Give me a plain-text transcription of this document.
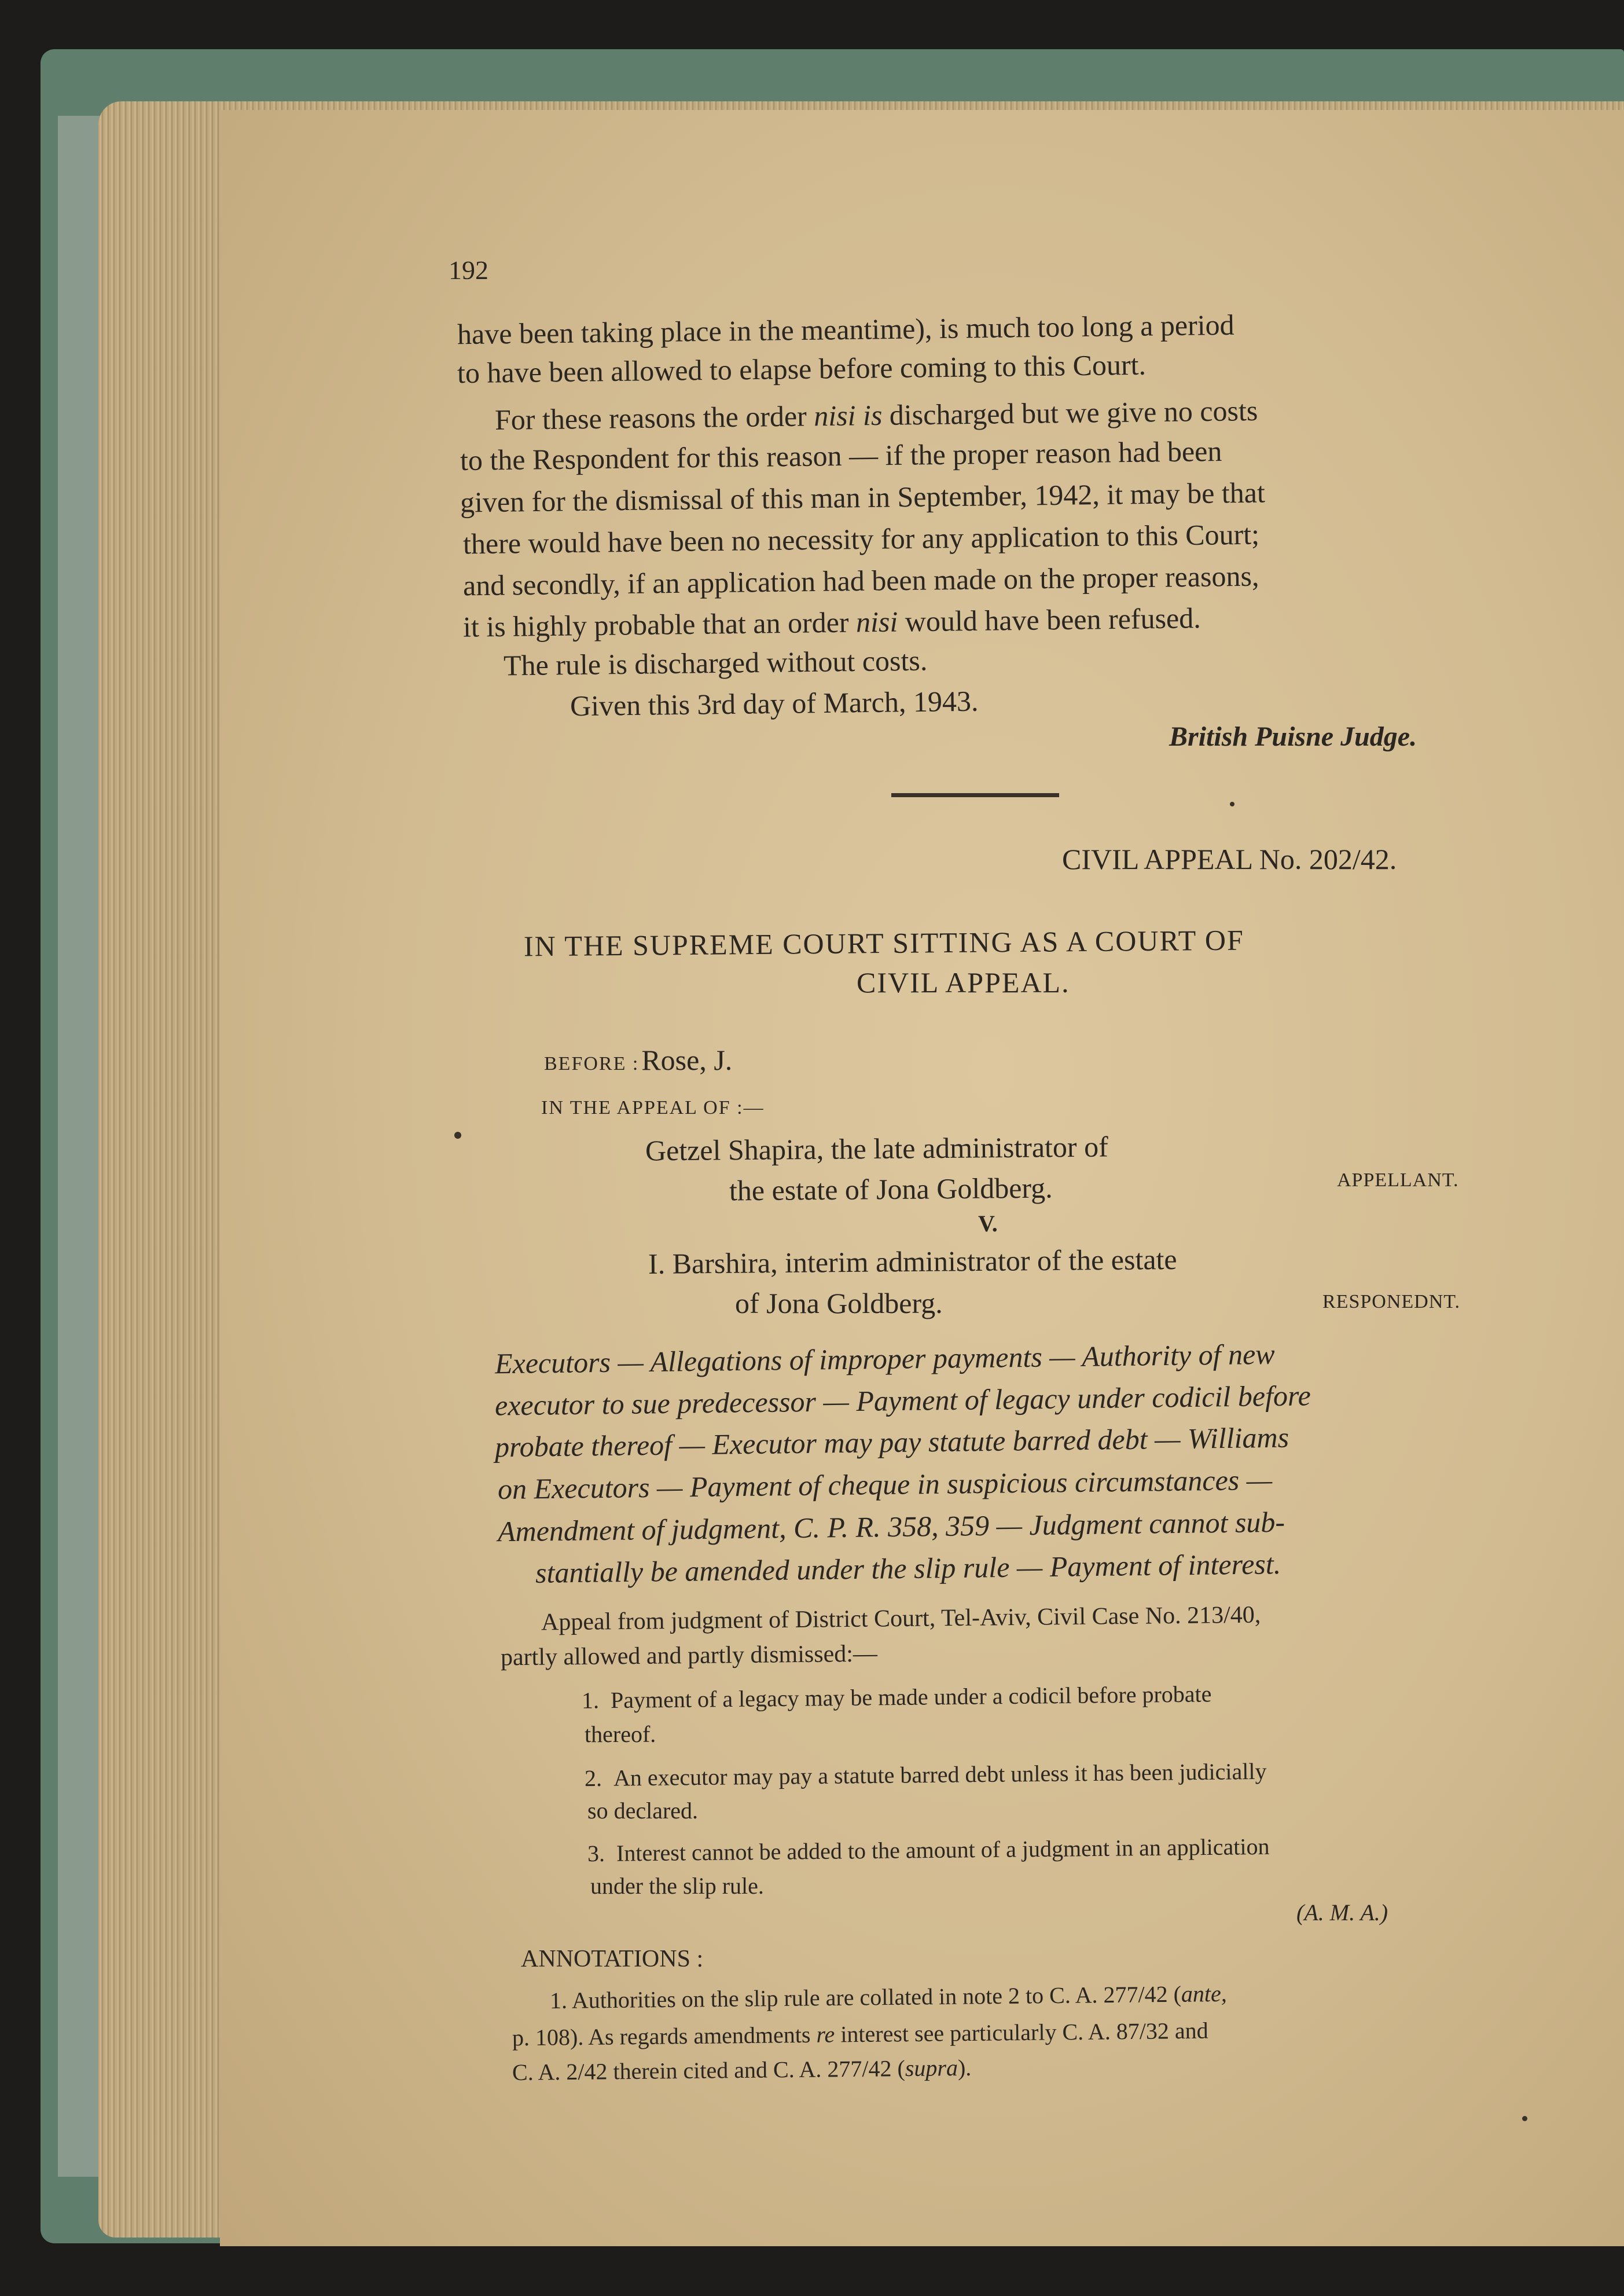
192
have been taking place in the meantime), is much too long a period
to have been allowed to elapse before coming to this Court.
For these reasons the order nisi is discharged but we give no costs
to the Respondent for this reason — if the proper reason had been
given for the dismissal of this man in September, 1942, it may be that
there would have been no necessity for any application to this Court;
and secondly, if an application had been made on the proper reasons,
it is highly probable that an order nisi would have been refused.
The rule is discharged without costs.
Given this 3rd day of March, 1943.
British Puisne Judge.
CIVIL APPEAL No. 202/42.
IN THE SUPREME COURT SITTING AS A COURT OF
CIVIL APPEAL.
BEFORE : Rose, J.
IN THE APPEAL OF :—
Getzel Shapira, the late administrator of
the estate of Jona Goldberg.	APPELLANT.
V.
I. Barshira, interim administrator of the estate
of Jona Goldberg.	RESPONEDNT.
Executors — Allegations of improper payments — Authority of new
executor to sue predecessor — Payment of legacy under codicil before
probate thereof — Executor may pay statute barred debt — Williams
on Executors — Payment of cheque in suspicious circumstances —
Amendment of judgment, C. P. R. 358, 359 — Judgment cannot sub-
stantially be amended under the slip rule — Payment of interest.
Appeal from judgment of District Court, Tel-Aviv, Civil Case No. 213/40,
partly allowed and partly dismissed:—
1. Payment of a legacy may be made under a codicil before probate
thereof.
2. An executor may pay a statute barred debt unless it has been judicially
so declared.
3. Interest cannot be added to the amount of a judgment in an application
under the slip rule.
(A. M. A.)
ANNOTATIONS :
1. Authorities on the slip rule are collated in note 2 to C. A. 277/42 (ante,
p. 108). As regards amendments re interest see particularly C. A. 87/32 and
C. A. 2/42 therein cited and C. A. 277/42 (supra).
